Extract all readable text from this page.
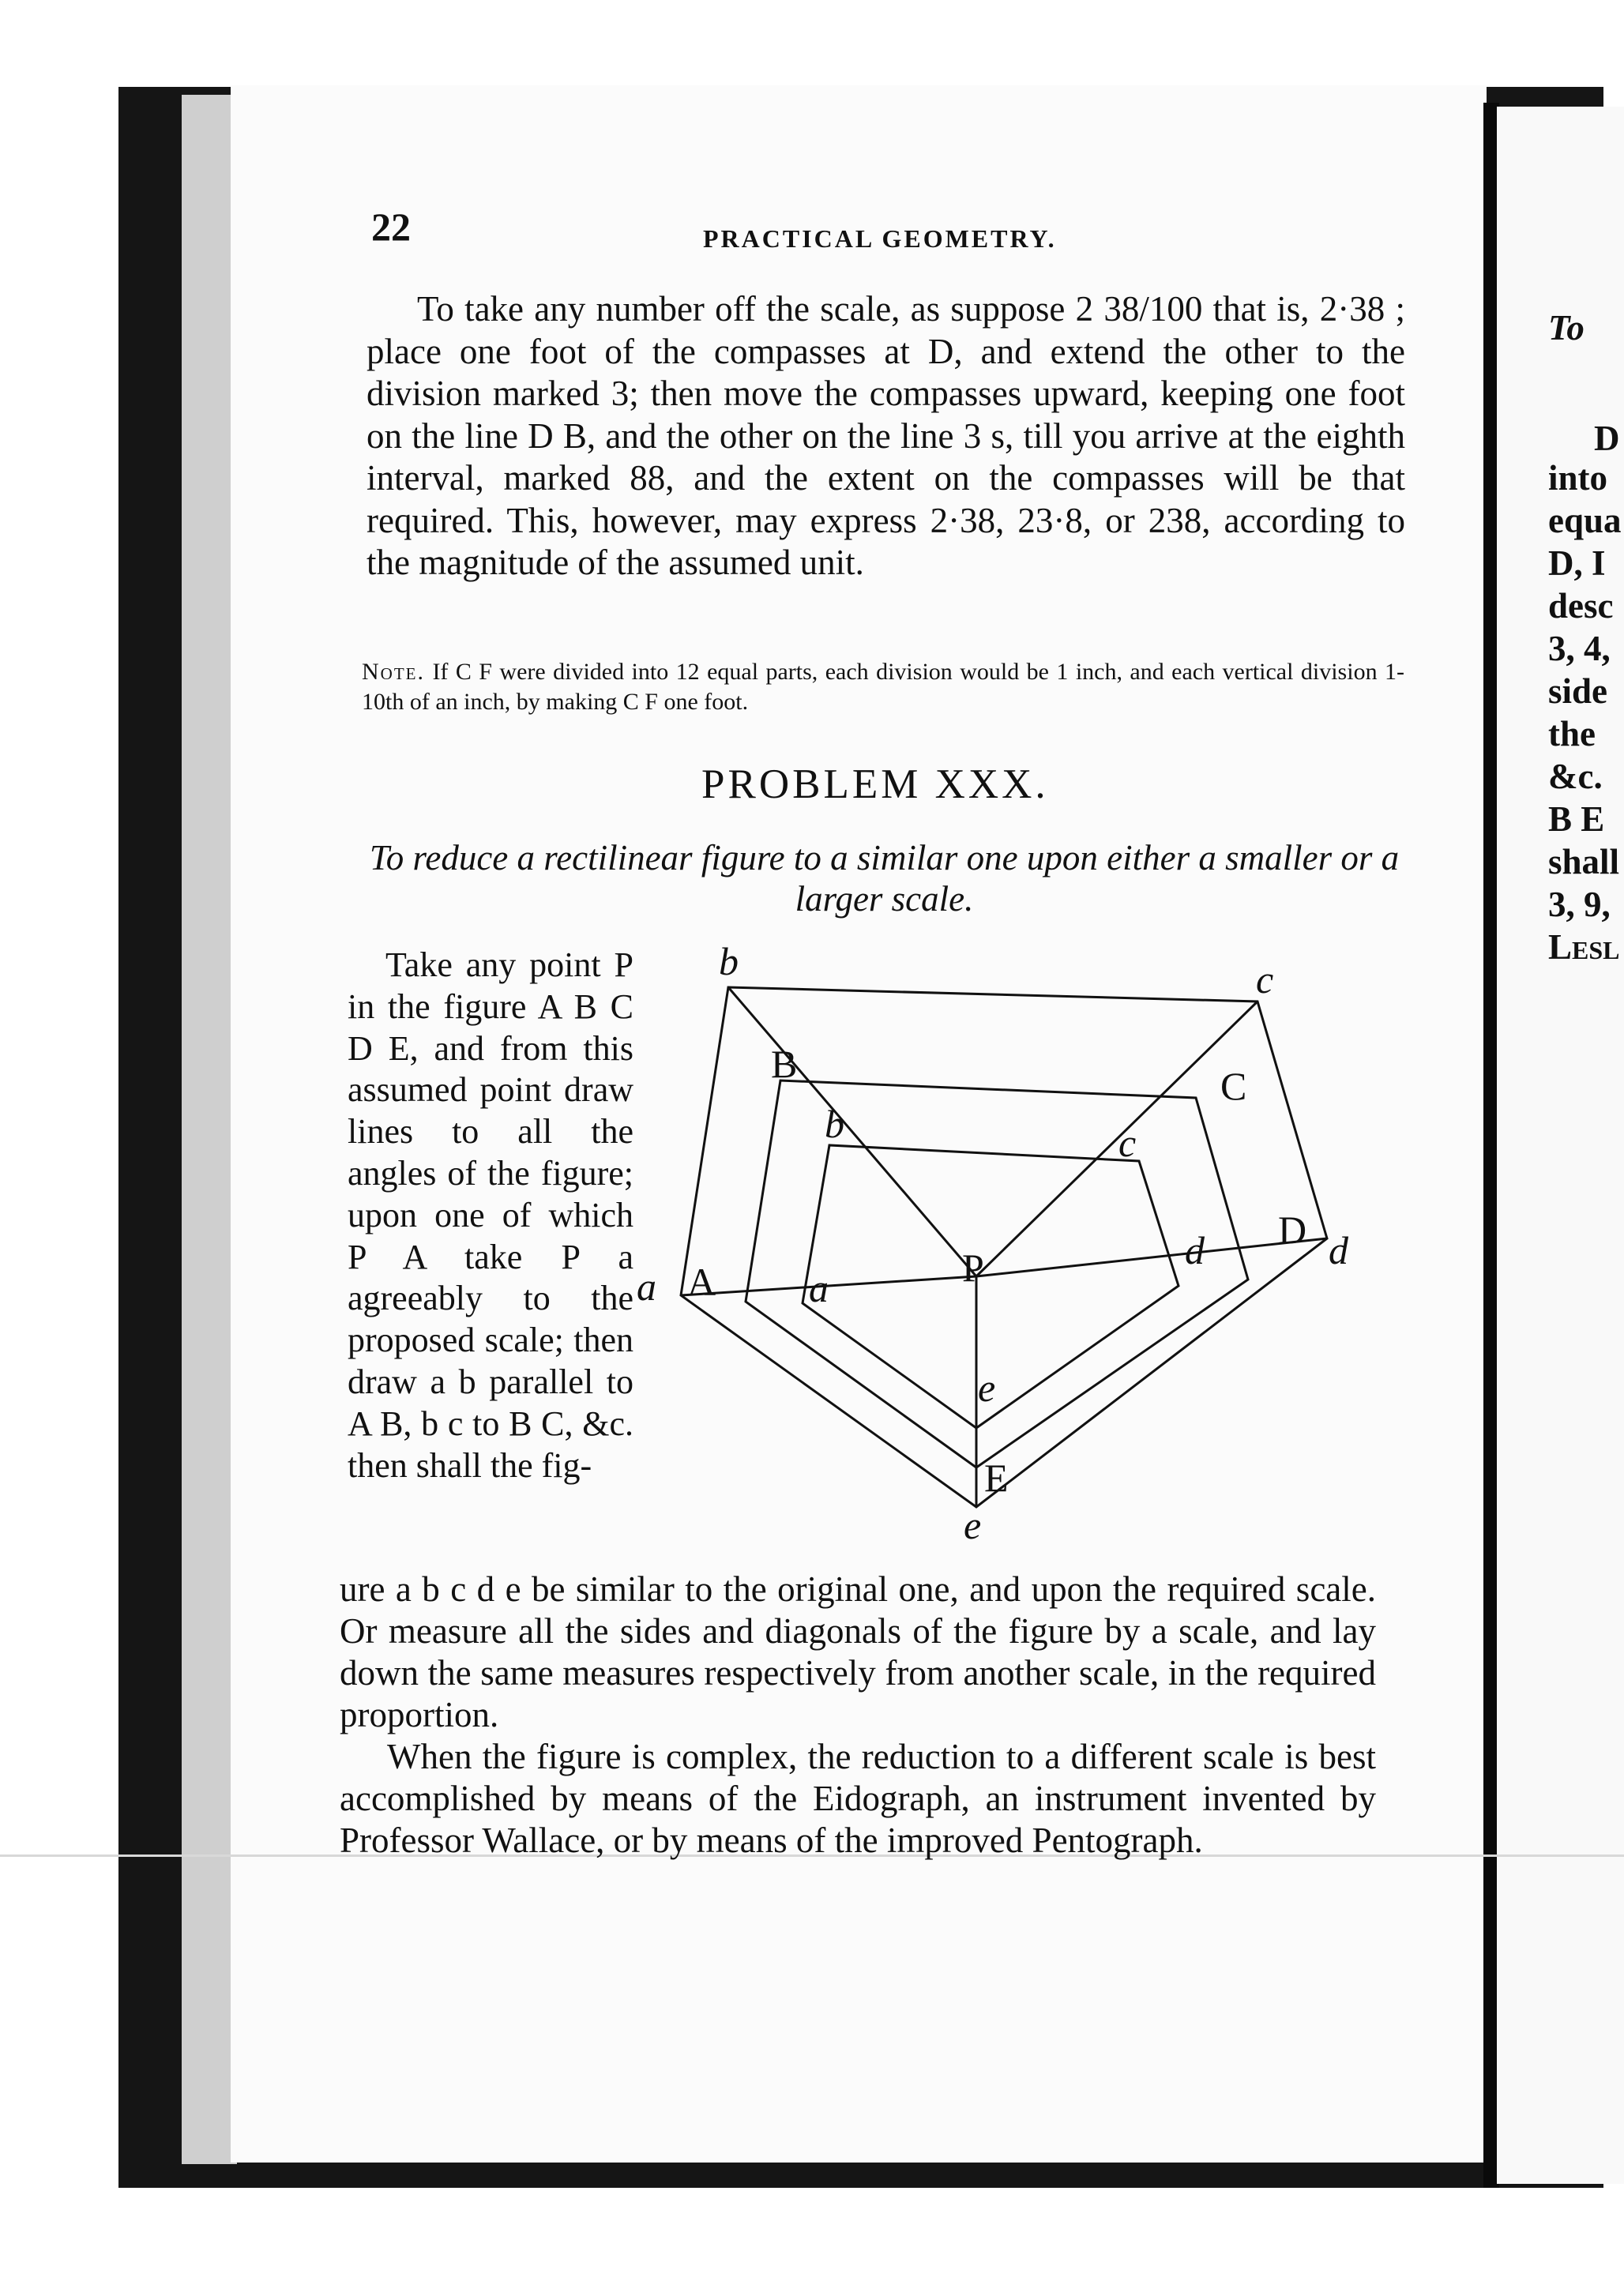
22	PRACTICAL GEOMETRY.
To take any number off the scale, as suppose 2 38/100 that is, 2·38 ; place one foot of the compasses at D, and extend the other to the division marked 3; then move the compasses upward, keeping one foot on the line D B, and the other on the line 3 s, till you arrive at the eighth interval, marked 88, and the extent on the compasses will be that required. This, however, may express 2·38, 23·8, or 238, according to the magnitude of the assumed unit.
Note. If C F were divided into 12 equal parts, each division would be 1 inch, and each vertical division 1-10th of an inch, by making C F one foot.
PROBLEM XXX.
To reduce a rectilinear figure to a similar one upon either a smaller or a larger scale.
Take any point P in the figure A B C D E, and from this assumed point draw lines to all the angles of the figure; upon one of which P A take P a agreeably to the proposed scale; then draw a b parallel to A B, b c to B C, &c. then shall the fig-
b	c
B	C
b	c
d D d
a A a	P
e
E
e
ure a b c d e be similar to the original one, and upon the required scale. Or measure all the sides and diagonals of the figure by a scale, and lay down the same measures respectively from another scale, in the required proportion.
When the figure is complex, the reduction to a different scale is best accomplished by means of the Eidograph, an instrument invented by Professor Wallace, or by means of the improved Pentograph.
To
D
into
equa
D, I
desc
3, 4,
side
the
&c.
B E
shall
3, 9,
Lesl
